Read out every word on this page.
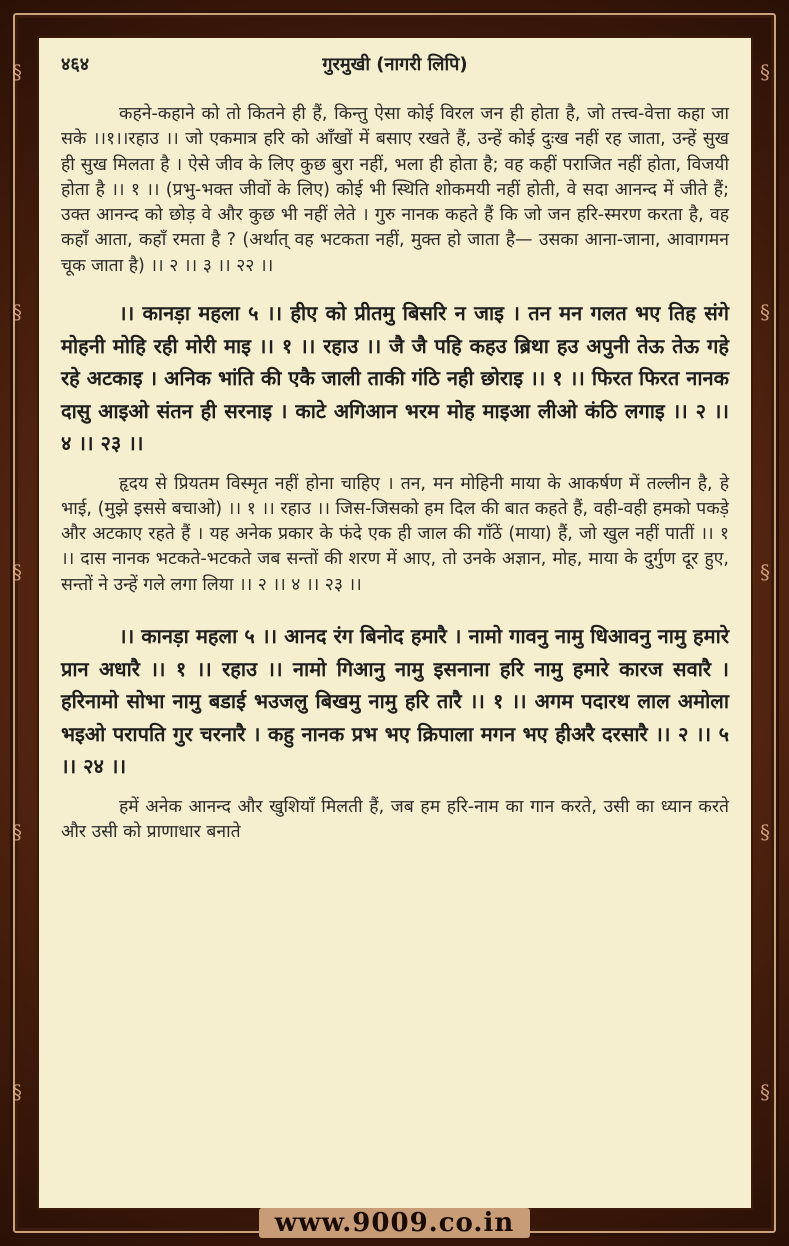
§
§
§
§
§
§
§
§
§
§
४६४	गुरमुखी (नागरी लिपि)

कहने-कहाने को तो कितने ही हैं, किन्तु ऐसा कोई विरल जन ही होता है, जो तत्त्व-वेत्ता कहा जा सके ।।१।।रहाउ ।। जो एकमात्र हरि को आँखों में बसाए रखते हैं, उन्हें कोई दुःख नहीं रह जाता, उन्हें सुख ही सुख मिलता है । ऐसे जीव के लिए कुछ बुरा नहीं, भला ही होता है; वह कहीं पराजित नहीं होता, विजयी होता है ।। १ ।। (प्रभु-भक्त जीवों के लिए) कोई भी स्थिति शोकमयी नहीं होती, वे सदा आनन्द में जीते हैं; उक्त आनन्द को छोड़ वे और कुछ भी नहीं लेते । गुरु नानक कहते हैं कि जो जन हरि-स्मरण करता है, वह कहाँ आता, कहाँ रमता है ? (अर्थात् वह भटकता नहीं, मुक्त हो जाता है— उसका आना-जाना, आवागमन चूक जाता है) ।। २ ।। ३ ।। २२ ।।

।। कानड़ा महला ५ ।। हीए को प्रीतमु बिसरि न जाइ । तन मन गलत भए तिह संगे मोहनी मोहि रही मोरी माइ ।। १ ।। रहाउ ।। जै जै पहि कहउ ब्रिथा हउ अपुनी तेऊ तेऊ गहे रहे अटकाइ । अनिक भांति की एकै जाली ताकी गंठि नही छोराइ ।। १ ।। फिरत फिरत नानक दासु आइओ संतन ही सरनाइ । काटे अगिआन भरम मोह माइआ लीओ कंठि लगाइ ।। २ ।। ४ ।। २३ ।।

हृदय से प्रियतम विस्मृत नहीं होना चाहिए । तन, मन मोहिनी माया के आकर्षण में तल्लीन है, हे भाई, (मुझे इससे बचाओ) ।। १ ।। रहाउ ।। जिस-जिसको हम दिल की बात कहते हैं, वही-वही हमको पकड़े और अटकाए रहते हैं । यह अनेक प्रकार के फंदे एक ही जाल की गाँठें (माया) हैं, जो खुल नहीं पातीं ।। १ ।। दास नानक भटकते-भटकते जब सन्तों की शरण में आए, तो उनके अज्ञान, मोह, माया के दुर्गुण दूर हुए, सन्तों ने उन्हें गले लगा लिया ।। २ ।। ४ ।। २३ ।।

।। कानड़ा महला ५ ।। आनद रंग बिनोद हमारै । नामो गावनु नामु धिआवनु नामु हमारे प्रान अधारै ।। १ ।। रहाउ ।। नामो गिआनु नामु इसनाना हरि नामु हमारे कारज सवारै । हरिनामो सोभा नामु बडाई भउजलु बिखमु नामु हरि तारै ।। १ ।। अगम पदारथ लाल अमोला भइओ परापति गुर चरनारै । कहु नानक प्रभ भए क्रिपाला मगन भए हीअरै दरसारै ।। २ ।। ५ ।। २४ ।।

हमें अनेक आनन्द और खुशियाँ मिलती हैं, जब हम हरि-नाम का गान करते, उसी का ध्यान करते और उसी को प्राणाधार बनाते

www.9009.co.in
